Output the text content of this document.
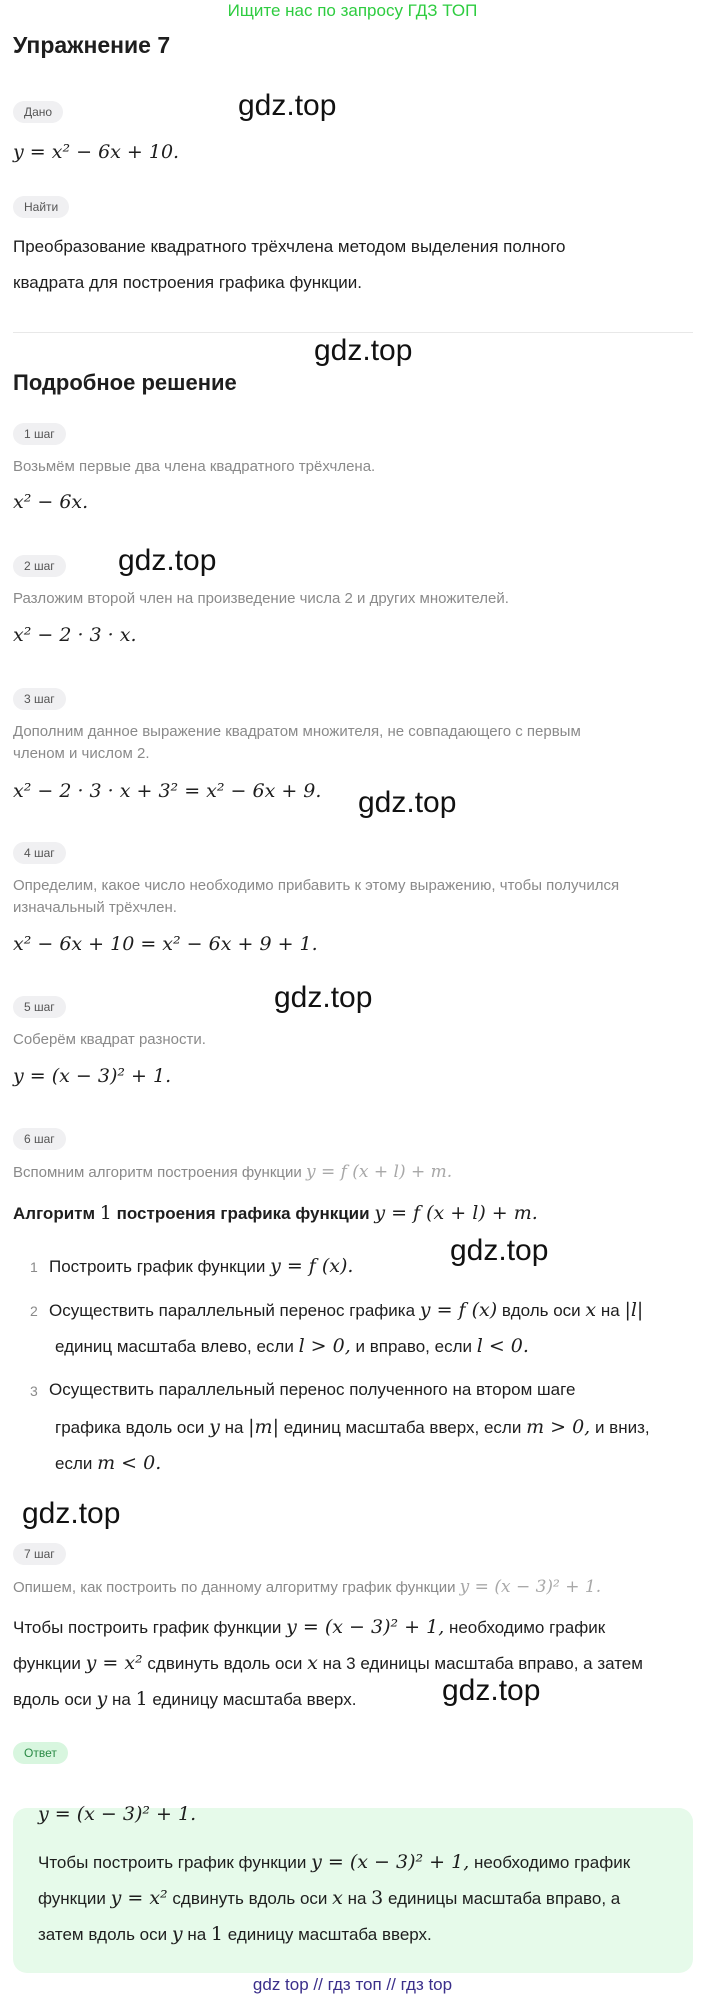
Ищите нас по запросу ГДЗ ТОП
Упражнение 7
Дано	gdz.top
y = x² − 6x + 10.
Найти
Преобразование квадратного трёхчлена методом выделения полного
квадрата для построения графика функции.
gdz.top
Подробное решение
1 шаг
Возьмём первые два члена квадратного трёхчлена.
x² − 6x.
2 шаг	gdz.top
Разложим второй член на произведение числа 2 и других множителей.
x² − 2 · 3 · x.
3 шаг
Дополним данное выражение квадратом множителя, не совпадающего с первым
членом и числом 2.
x² − 2 · 3 · x + 3² = x² − 6x + 9. gdz.top
4 шаг
Определим, какое число необходимо прибавить к этому выражению, чтобы получился
изначальный трёхчлен.
x² − 6x + 10 = x² − 6x + 9 + 1.
gdz.top
5 шаг
Соберём квадрат разности.
y = (x − 3)² + 1.
6 шаг
Вспомним алгоритм построения функции y = f (x + l) + m.
Алгоритм 1 построения графика функции y = f (x + l) + m.
gdz.top
1 Построить график функции y = f (x).
2 Осуществить параллельный перенос графика y = f (x) вдоль оси x на |l|
единиц масштаба влево, если l > 0, и вправо, если l < 0.
3 Осуществить параллельный перенос полученного на втором шаге
графика вдоль оси y на |m| единиц масштаба вверх, если m > 0, и вниз,
если m < 0.
gdz.top
7 шаг
Опишем, как построить по данному алгоритму график функции y = (x − 3)² + 1.
Чтобы построить график функции y = (x − 3)² + 1, необходимо график
функции y = x² сдвинуть вдоль оси x на 3 единицы масштаба вправо, а затем
вдоль оси y на 1 единицу масштаба вверх.	gdz.top
Ответ
y = (x − 3)² + 1.
Чтобы построить график функции y = (x − 3)² + 1, необходимо график
функции y = x² сдвинуть вдоль оси x на 3 единицы масштаба вправо, а
затем вдоль оси y на 1 единицу масштаба вверх.
gdz top // гдз топ // гдз top
